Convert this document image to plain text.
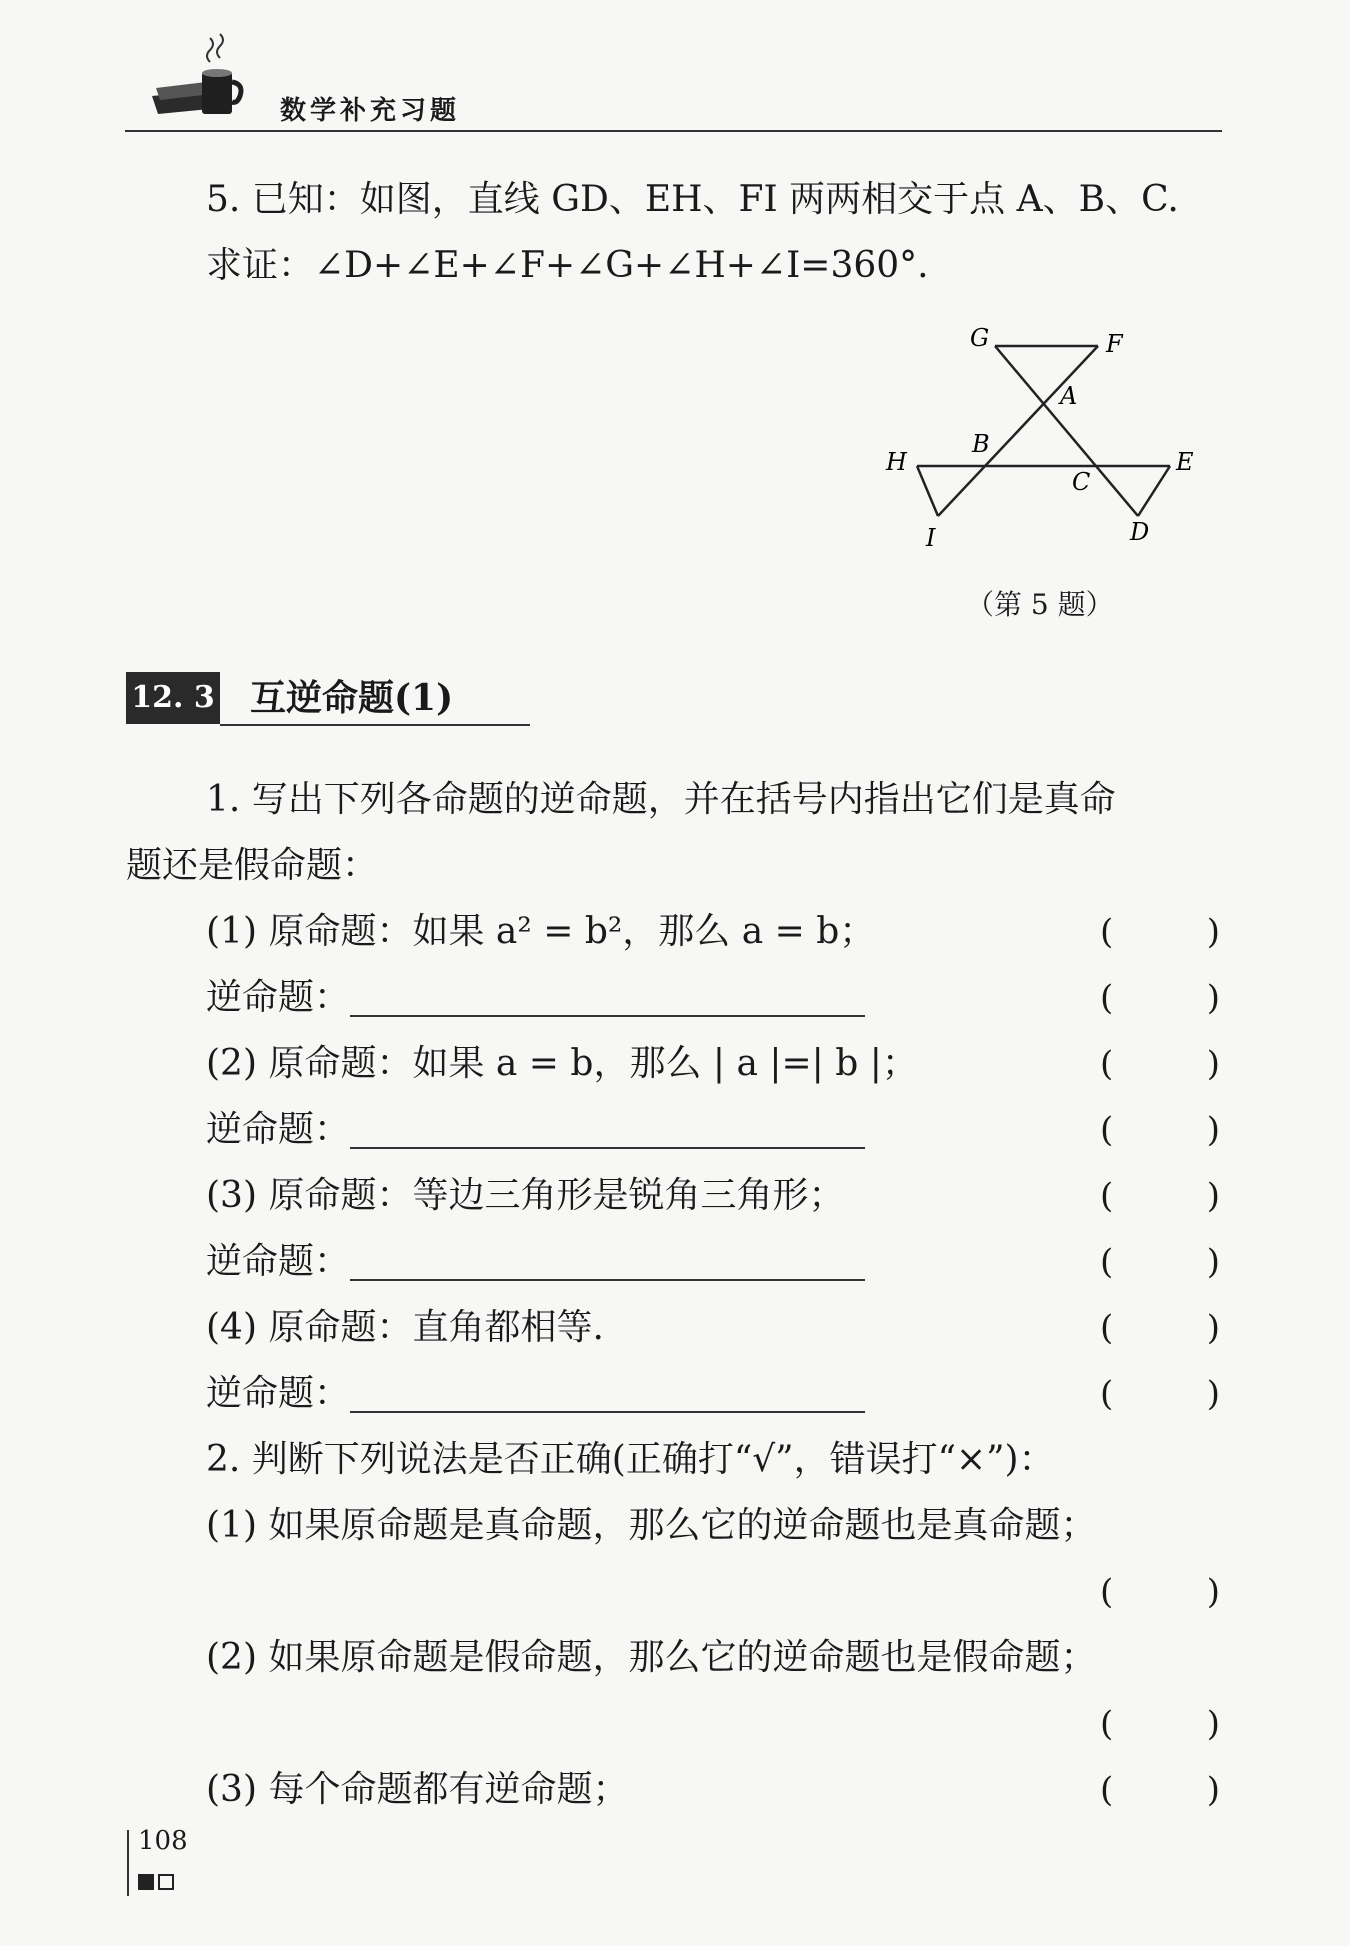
数学补充习题
5. 已知：如图，直线 GD、EH、FI 两两相交于点 A、B、C.
求证：∠D+∠E+∠F+∠G+∠H+∠I=360°.
G	F
A
B
H
C
E
I	D
（第 5 题）
12. 3 互逆命题(1)
1. 写出下列各命题的逆命题，并在括号内指出它们是真命
题还是假命题：
(1) 原命题：如果 a² = b²，那么 a = b；	(	)
逆命题：	(	)
(2) 原命题：如果 a = b，那么 | a |=| b |；	(	)
逆命题：	(	)
(3) 原命题：等边三角形是锐角三角形；	(	)
逆命题：	(	)
(4) 原命题：直角都相等.	(	)
逆命题：	(	)
2. 判断下列说法是否正确(正确打“√”，错误打“×”)：
(1) 如果原命题是真命题，那么它的逆命题也是真命题；
(	)
(2) 如果原命题是假命题，那么它的逆命题也是假命题；
(	)
(3) 每个命题都有逆命题；	(	)
108
